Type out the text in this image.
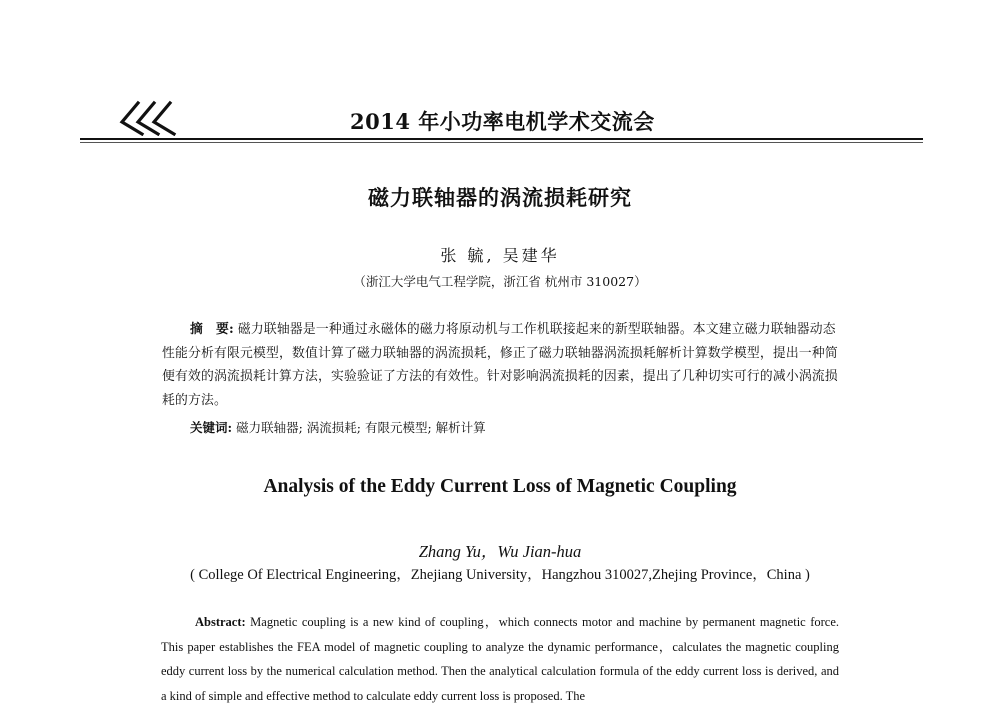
2014 年小功率电机学术交流会
磁力联轴器的涡流损耗研究
张 毓, 吴建华
（浙江大学电气工程学院，浙江省 杭州市 310027）
摘　要: 磁力联轴器是一种通过永磁体的磁力将原动机与工作机联接起来的新型联轴器。本文建立磁力联轴器动态性能分析有限元模型，数值计算了磁力联轴器的涡流损耗，修正了磁力联轴器涡流损耗解析计算数学模型，提出一种简便有效的涡流损耗计算方法，实验验证了方法的有效性。针对影响涡流损耗的因素，提出了几种切实可行的减小涡流损耗的方法。
关键词: 磁力联轴器; 涡流损耗; 有限元模型; 解析计算
Analysis of the Eddy Current Loss of Magnetic Coupling
Zhang Yu，Wu Jian-hua
( College Of Electrical Engineering，Zhejiang University，Hangzhou 310027,Zhejing Province，China )
Abstract: Magnetic coupling is a new kind of coupling，which connects motor and machine by permanent magnetic force. This paper establishes the FEA model of magnetic coupling to analyze the dynamic performance，calculates the magnetic coupling eddy current loss by the numerical calculation method. Then the analytical calculation formula of the eddy current loss is derived, and a kind of simple and effective method to calculate eddy current loss is proposed. The
